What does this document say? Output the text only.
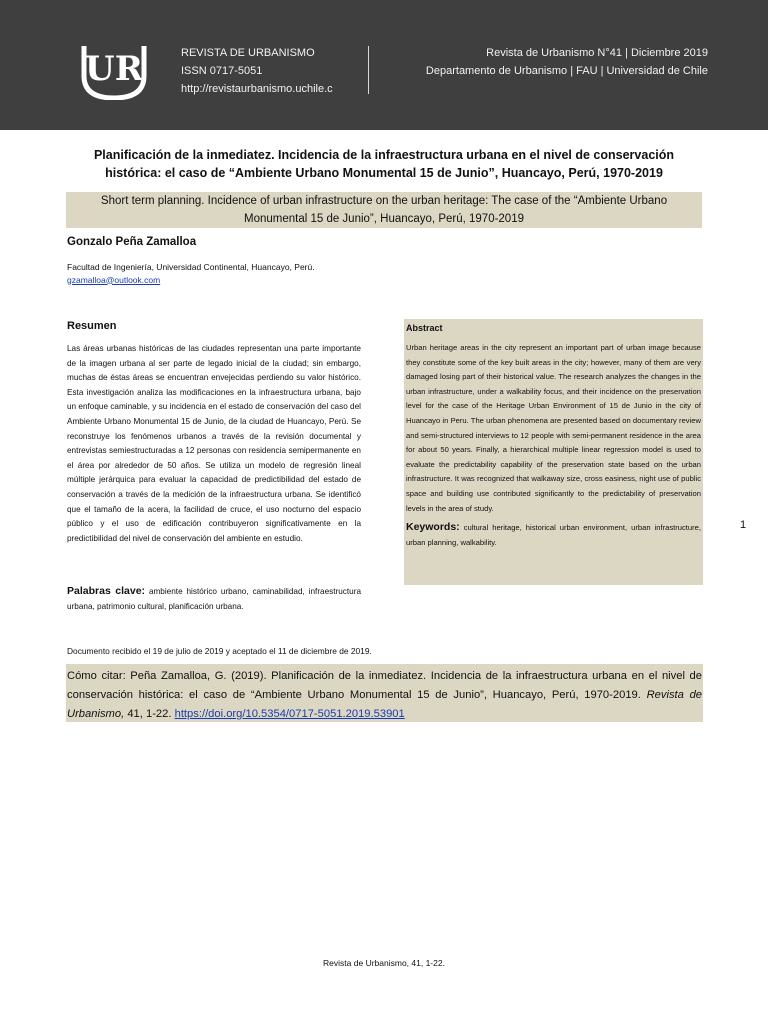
UR	REVISTA DE URBANISMO
ISSN 0717-5051
http://revistaurbanismo.uchile.c
Revista de Urbanismo N°41 | Diciembre 2019
Departamento de Urbanismo | FAU | Universidad de Chile
Planificación de la inmediatez. Incidencia de la infraestructura urbana en el nivel de conservación histórica: el caso de “Ambiente Urbano Monumental 15 de Junio”, Huancayo, Perú, 1970-2019
Short term planning. Incidence of urban infrastructure on the urban heritage: The case of the “Ambiente Urbano Monumental 15 de Junio”, Huancayo, Perú, 1970-2019
Gonzalo Peña Zamalloa
Facultad de Ingeniería, Universidad Continental, Huancayo, Perú.
gzamalloa@outlook.com
Resumen
Las áreas urbanas históricas de las ciudades representan una parte importante de la imagen urbana al ser parte de legado inicial de la ciudad; sin embargo, muchas de éstas áreas se encuentran envejecidas perdiendo su valor histórico. Esta investigación analiza las modificaciones en la infraestructura urbana, bajo un enfoque caminable, y su incidencia en el estado de conservación del caso del Ambiente Urbano Monumental 15 de Junio, de la ciudad de Huancayo, Perú. Se reconstruye los fenómenos urbanos a través de la revisión documental y entrevistas semiestructuradas a 12 personas con residencia semipermanente en el área por alrededor de 50 años. Se utiliza un modelo de regresión lineal múltiple jerárquica para evaluar la capacidad de predictibilidad del estado de conservación a través de la medición de la infraestructura urbana. Se identificó que el tamaño de la acera, la facilidad de cruce, el uso nocturno del espacio público y el uso de edificación contribuyeron significativamente en la predictibilidad del nivel de conservación del ambiente en estudio.
Palabras clave: ambiente histórico urbano, caminabilidad, infraestructura urbana, patrimonio cultural, planificación urbana.
Abstract
Urban heritage areas in the city represent an important part of urban image because they constitute some of the key built areas in the city; however, many of them are very damaged losing part of their historical value. The research analyzes the changes in the urban infrastructure, under a walkability focus, and their incidence on the preservation level for the case of the Heritage Urban Environment of 15 de Junio in the city of Huancayo in Peru. The urban phenomena are presented based on documentary review and semi-structured interviews to 12 people with semi-permanent residence in the area for about 50 years. Finally, a hierarchical multiple linear regression model is used to evaluate the predictability capability of the preservation state based on the urban infrastructure. It was recognized that walkaway size, cross easiness, night use of public space and building use contributed significantly to the predictability of preservation levels in the area of study.
Keywords: cultural heritage, historical urban environment, urban infrastructure, urban planning, walkability.
1
Documento recibido el 19 de julio de 2019 y aceptado el 11 de diciembre de 2019.
Cómo citar: Peña Zamalloa, G. (2019). Planificación de la inmediatez. Incidencia de la infraestructura urbana en el nivel de conservación histórica: el caso de “Ambiente Urbano Monumental 15 de Junio”, Huancayo, Perú, 1970-2019. Revista de Urbanismo, 41, 1-22. https://doi.org/10.5354/0717-5051.2019.53901
Revista de Urbanismo, 41, 1-22.
